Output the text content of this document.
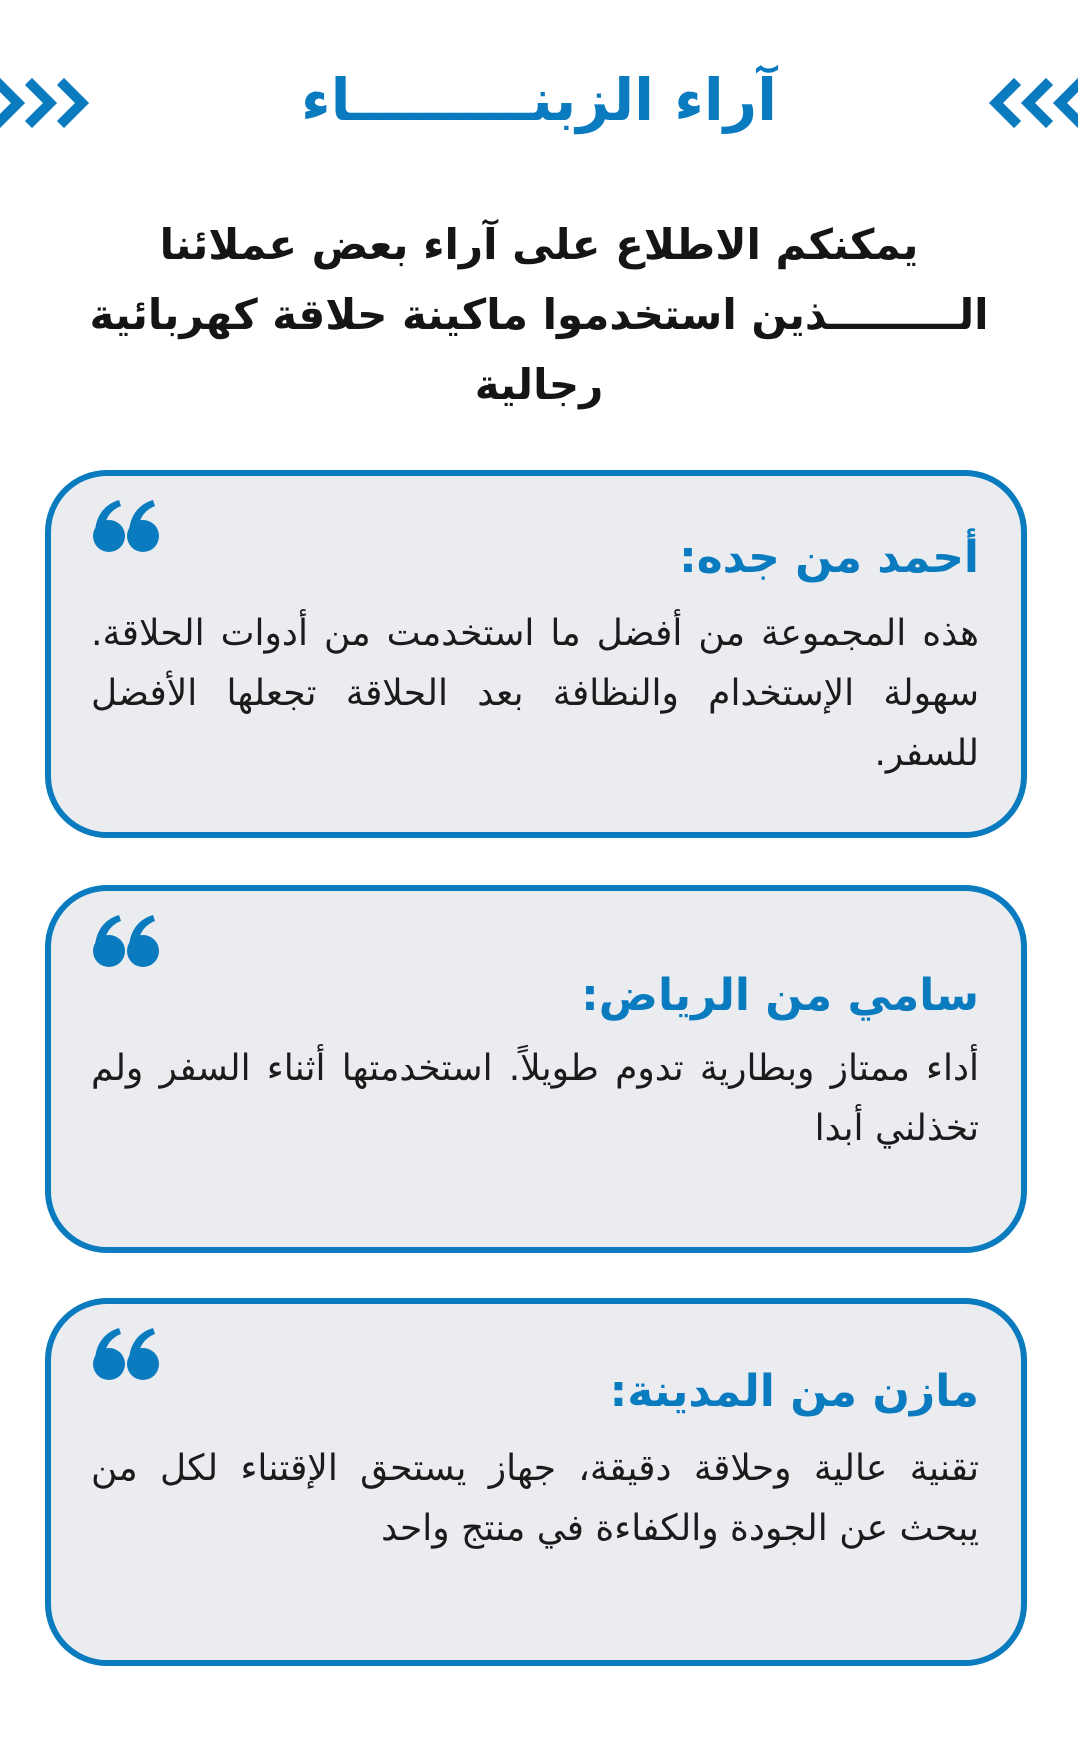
آراء الزبنـــــــــاء
يمكنكم الاطلاع على آراء بعض عملائنا الـــــــــذين استخدموا ماكينة حلاقة كهربائية رجالية
أحمد من جده:
هذه المجموعة من أفضل ما استخدمت من أدوات الحلاقة. سهولة الإستخدام والنظافة بعد الحلاقة تجعلها الأفضل للسفر.
سامي من الرياض:
أداء ممتاز وبطارية تدوم طويلاً. استخدمتها أثناء السفر ولم تخذلني أبدا
مازن من المدينة:
تقنية عالية وحلاقة دقيقة، جهاز يستحق الإقتناء لكل من يبحث عن الجودة والكفاءة في منتج واحد
